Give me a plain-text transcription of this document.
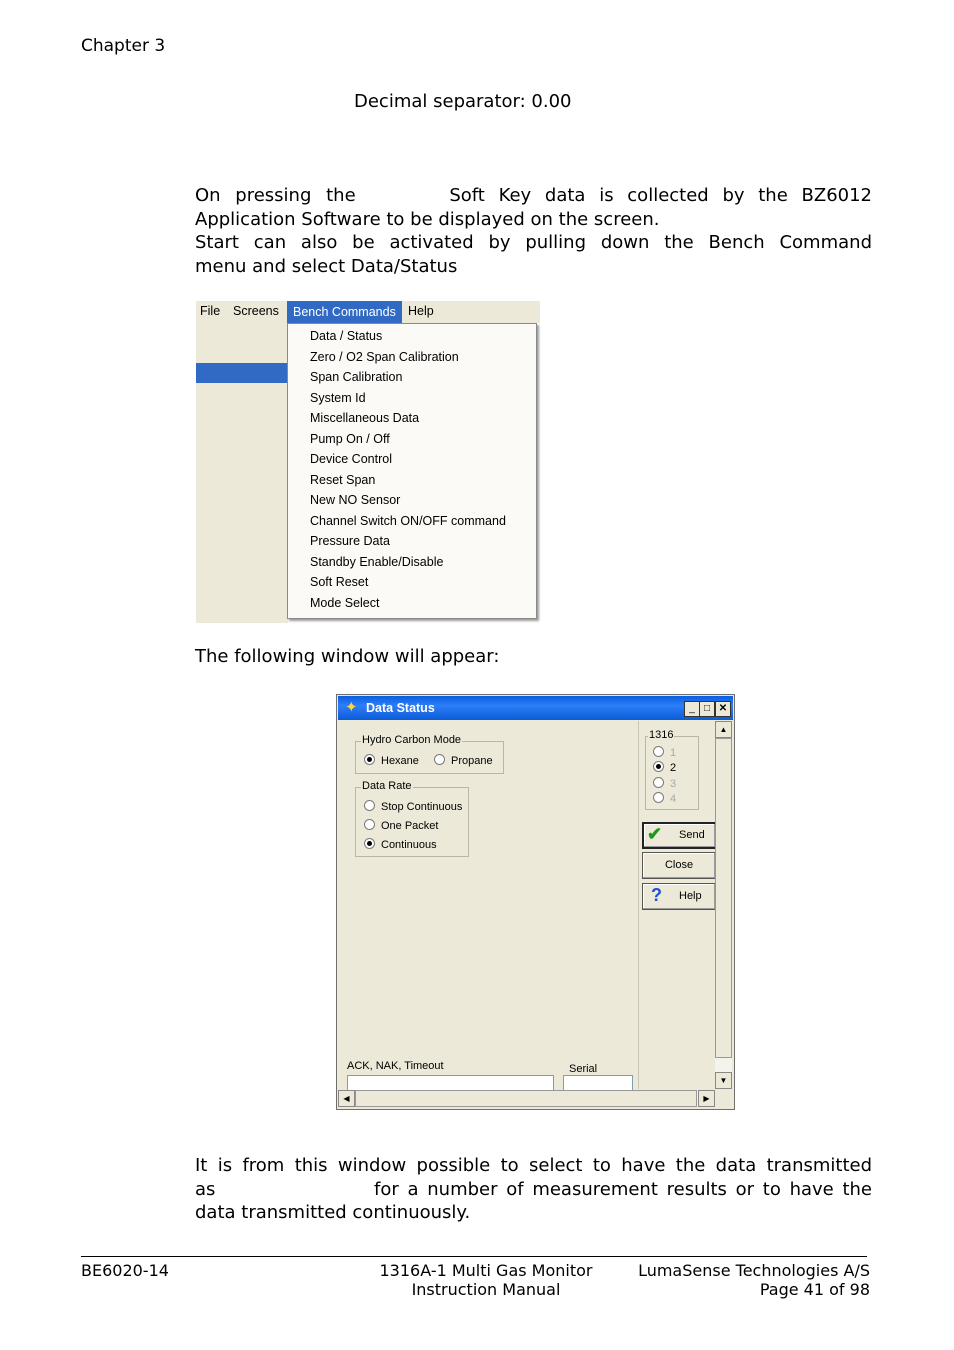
Chapter 3
Decimal separator: 0.00
On pressing the	Soft Key data is collected by the BZ6012
Application Software to be displayed on the screen.
Start can also be activated by pulling down the Bench Command
menu and select Data/Status
File Screens	Bench Commands Help
Data / Status
Zero / O2 Span Calibration
Span Calibration
System Id
Miscellaneous Data
Pump On / Off
Device Control
Reset Span
New NO Sensor
Channel Switch ON/OFF command
Pressure Data
Standby Enable/Disable
Soft Reset
Mode Select
The following window will appear:
✦ Data Status	_ □ ✕
Hydro Carbon Mode
Hexane	Propane
Data Rate
Stop Continuous
One Packet
Continuous
ACK, NAK, Timeout	Serial
1316
1
2
3
4
✔ Send
Close
? Help
▲
▼
◀	▶
It is from this window possible to select to have the data transmitted
as	for a number of measurement results or to have the
data transmitted continuously.
BE6020-14	1316A-1 Multi Gas Monitor
Instruction Manual
LumaSense Technologies A/S
Page 41 of 98
